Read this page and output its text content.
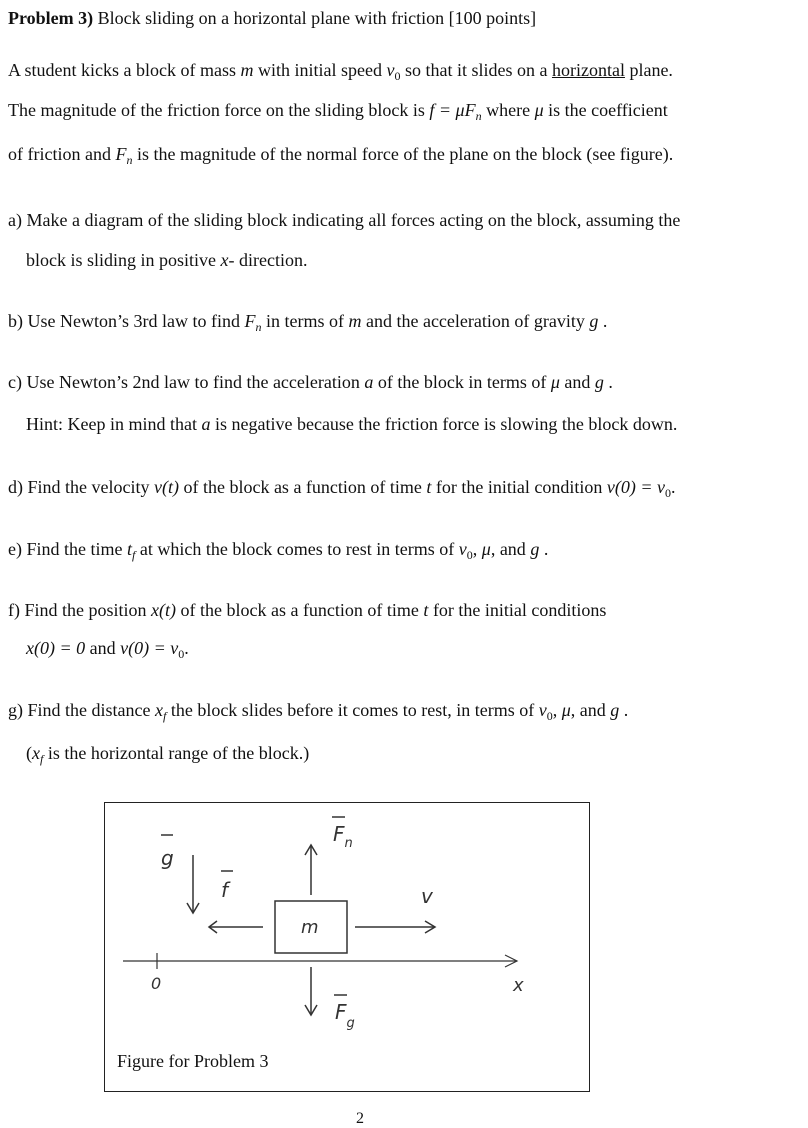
Problem 3) Block sliding on a horizontal plane with friction [100 points]
A student kicks a block of mass m with initial speed $v_0$ so that it slides on a horizontal plane.
The magnitude of the friction force on the sliding block is $f = \mu F_n$ where μ is the coefficient
of friction and $F_n$ is the magnitude of the normal force of the plane on the block (see figure).
a) Make a diagram of the sliding block indicating all forces acting on the block, assuming the
block is sliding in positive x- direction.
b) Use Newton’s 3rd law to find $F_n$ in terms of m and the acceleration of gravity g .
c) Use Newton’s 2nd law to find the acceleration a of the block in terms of μ and g .
Hint: Keep in mind that a is negative because the friction force is slowing the block down.
d) Find the velocity v(t) of the block as a function of time t for the initial condition $v(0) = v_0$.
e) Find the time $t_f$ at which the block comes to rest in terms of $v_0$, μ, and g .
f) Find the position x(t) of the block as a function of time t for the initial conditions
x(0) = 0 and $v(0) = v_0$.
g) Find the distance $x_f$ the block slides before it comes to rest, in terms of $v_0$, μ, and g .
($x_f$ is the horizontal range of the block.)
g
f
m
$F_n$
v
0	x
$F_g$
Figure for Problem 3
2
